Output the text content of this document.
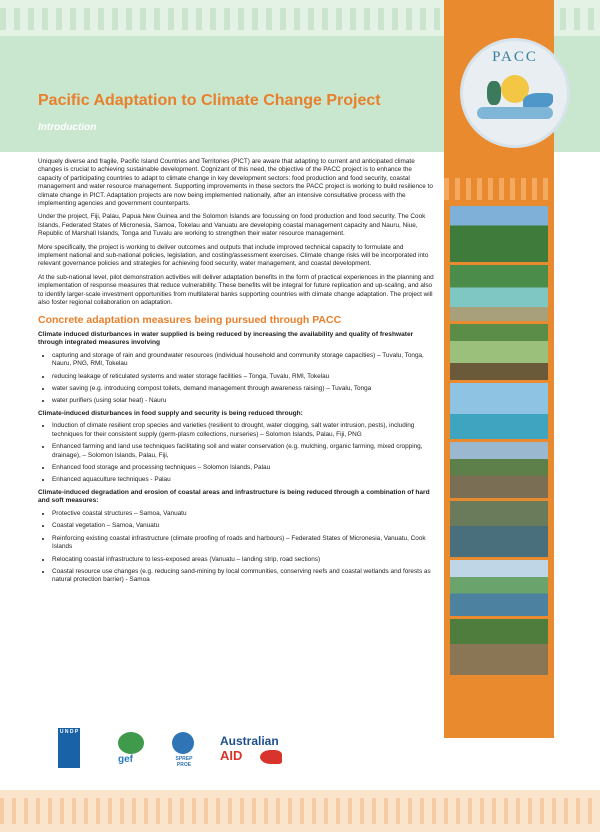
PACC
Pacific Adaptation to Climate Change Project
Introduction

Uniquely diverse and fragile, Pacific Island Countries and Territories (PICT) are aware that adapting to current and anticipated climate changes is crucial to achieving sustainable development. Cognizant of this need, the objective of the PACC project is to enhance the capacity of participating countries to adapt to climate change in key development sectors: food production and food security, coastal management and water resource management. Supporting improvements in these sectors the PACC project is working to build resilience to climate change in PICT. Adaptation projects are now being implemented nationally, after an intensive consultative process with the implementing agencies and government counterparts.

Under the project, Fiji, Palau, Papua New Guinea and the Solomon Islands are focussing on food production and food security. The Cook Islands, Federated States of Micronesia, Samoa, Tokelau and Vanuatu are developing coastal management capacity and Nauru, Niue, Republic of Marshall Islands, Tonga and Tuvalu are working to strengthen their water resource management.

More specifically, the project is working to deliver outcomes and outputs that include improved technical capacity to formulate and implement national and sub-national policies, legislation, and costing/assessment exercises. Climate change risks will be incorporated into relevant governance policies and strategies for achieving food security, water management, and coastal development.

At the sub-national level, pilot demonstration activities will deliver adaptation benefits in the form of practical experiences in the planning and implementation of response measures that reduce vulnerability. These benefits will be integral for future replication and up-scaling, and also to identify larger-scale investment opportunities from multilateral banks supporting countries with climate change adaptation. The project will also foster regional collaboration on adaptation.

Concrete adaptation measures being pursued through PACC
Climate induced disturbances in water supplied is being reduced by increasing the availability and quality of freshwater through integrated measures involving
• capturing and storage of rain and groundwater resources (individual household and community storage capacities) – Tuvalu, Tonga, Nauru, PNG, RMI, Tokelau
• reducing leakage of reticulated systems and water storage facilities – Tonga, Tuvalu, RMI, Tokelau
• water saving (e.g. introducing compost toilets, demand management through awareness raising) – Tuvalu, Tonga
• water purifiers (using solar heat) - Nauru
Climate-induced disturbances in food supply and security is being reduced through:
• Induction of climate resilient crop species and varieties (resilient to drought, water clogging, salt water intrusion, pests), including techniques for their consistent supply (germ-plasm collections, nurseries) – Solomon Islands, Palau, Fiji, PNG
• Enhanced farming and land use techniques facilitating soil and water conservation (e.g. mulching, organic farming, mixed cropping, drainage), – Solomon Islands, Palau, Fiji,
• Enhanced food storage and processing techniques – Solomon Islands, Palau
• Enhanced aquaculture techniques - Palau
Climate-induced degradation and erosion of coastal areas and infrastructure is being reduced through a combination of hard and soft measures:
• Protective coastal structures – Samoa, Vanuatu
• Coastal vegetation – Samoa, Vanuatu
• Reinforcing existing coastal infrastructure (climate proofing of roads and harbours) – Federated States of Micronesia, Vanuatu, Cook Islands
• Relocating coastal infrastructure to less-exposed areas (Vanuatu – landing strip, road sections)
• Coastal resource use changes (e.g. reducing sand-mining by local communities, conserving reefs and coastal wetlands and forests as natural protection barrier) - Samoa
U N D P
gef	SPREP
PROE
Australian
AID
WITH SUPPORT FROM UNITAR CBD+ PROGRAMME
